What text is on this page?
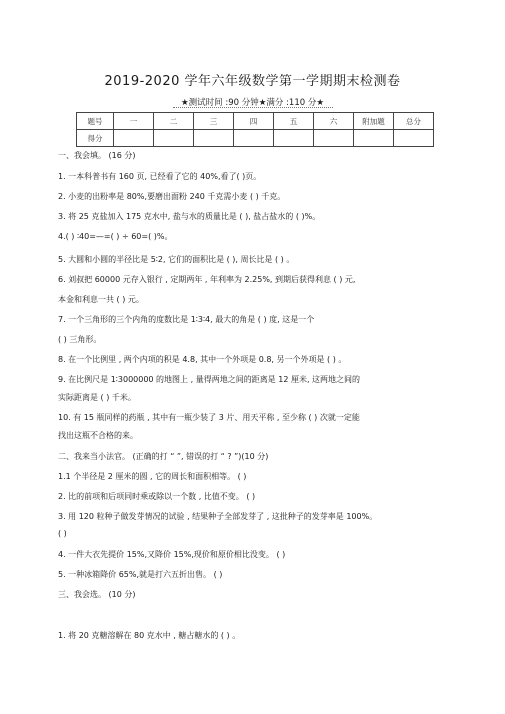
2019-2020 学年六年级数学第一学期期末检测卷
★测试时间 :90 分钟★满分 :110 分★
题号	一	二	三	四	五	六	附加题	总分
得分								
一、我会填。 (16 分)
1. 一本科普书有 160 页, 已经看了它的 40%,看了( )页。
2. 小麦的出粉率是 80%,要磨出面粉 240 千克需小麦 ( ) 千克。
3. 将 25 克盐加入 175 克水中, 盐与水的质量比是 ( ), 盐占盐水的 ( )%。
4.( ) ∶40=—=( ) ÷ 60=( )%。
5. 大圆和小圆的半径比是 5∶2, 它们的面积比是 ( ), 周长比是 ( ) 。
6. 刘叔把 60000 元存入银行 , 定期两年 , 年利率为 2.25%, 到期后获得利息 ( ) 元,
本金和利息一共 ( ) 元。
7. 一个三角形的三个内角的度数比是 1∶3∶4, 最大的角是 ( ) 度, 这是一个
( ) 三角形。
8. 在一个比例里 , 两个内项的积是 4.8, 其中一个外项是 0.8, 另一个外项是 ( ) 。
9. 在比例尺是 1∶3000000 的地图上 , 量得两地之间的距离是 12 厘米, 这两地之间的
实际距离是 ( ) 千米。
10. 有 15 瓶同样的药瓶 , 其中有一瓶少装了 3 片、用天平称 , 至少称 ( ) 次就一定能
找出这瓶不合格的来。
二、我来当小法官。 (正确的打 “ ”, 错误的打 “ ? ”)(10 分)
1.1 个半径是 2 厘米的圆 , 它的周长和面积相等。 ( )
2. 比的前项和后项同时乘或除以一个数 , 比值不变。 ( )
3. 用 120 粒种子做发芽情况的试验 , 结果种子全部发芽了 , 这批种子的发芽率是 100%。
( )
4. 一件大衣先提价 15%,又降价 15%,现价和原价相比没变。 ( )
5. 一种冰箱降价 65%,就是打六五折出售。 ( )
三、我会选。 (10 分)
1. 将 20 克糖溶解在 80 克水中 , 糖占糖水的 ( ) 。
